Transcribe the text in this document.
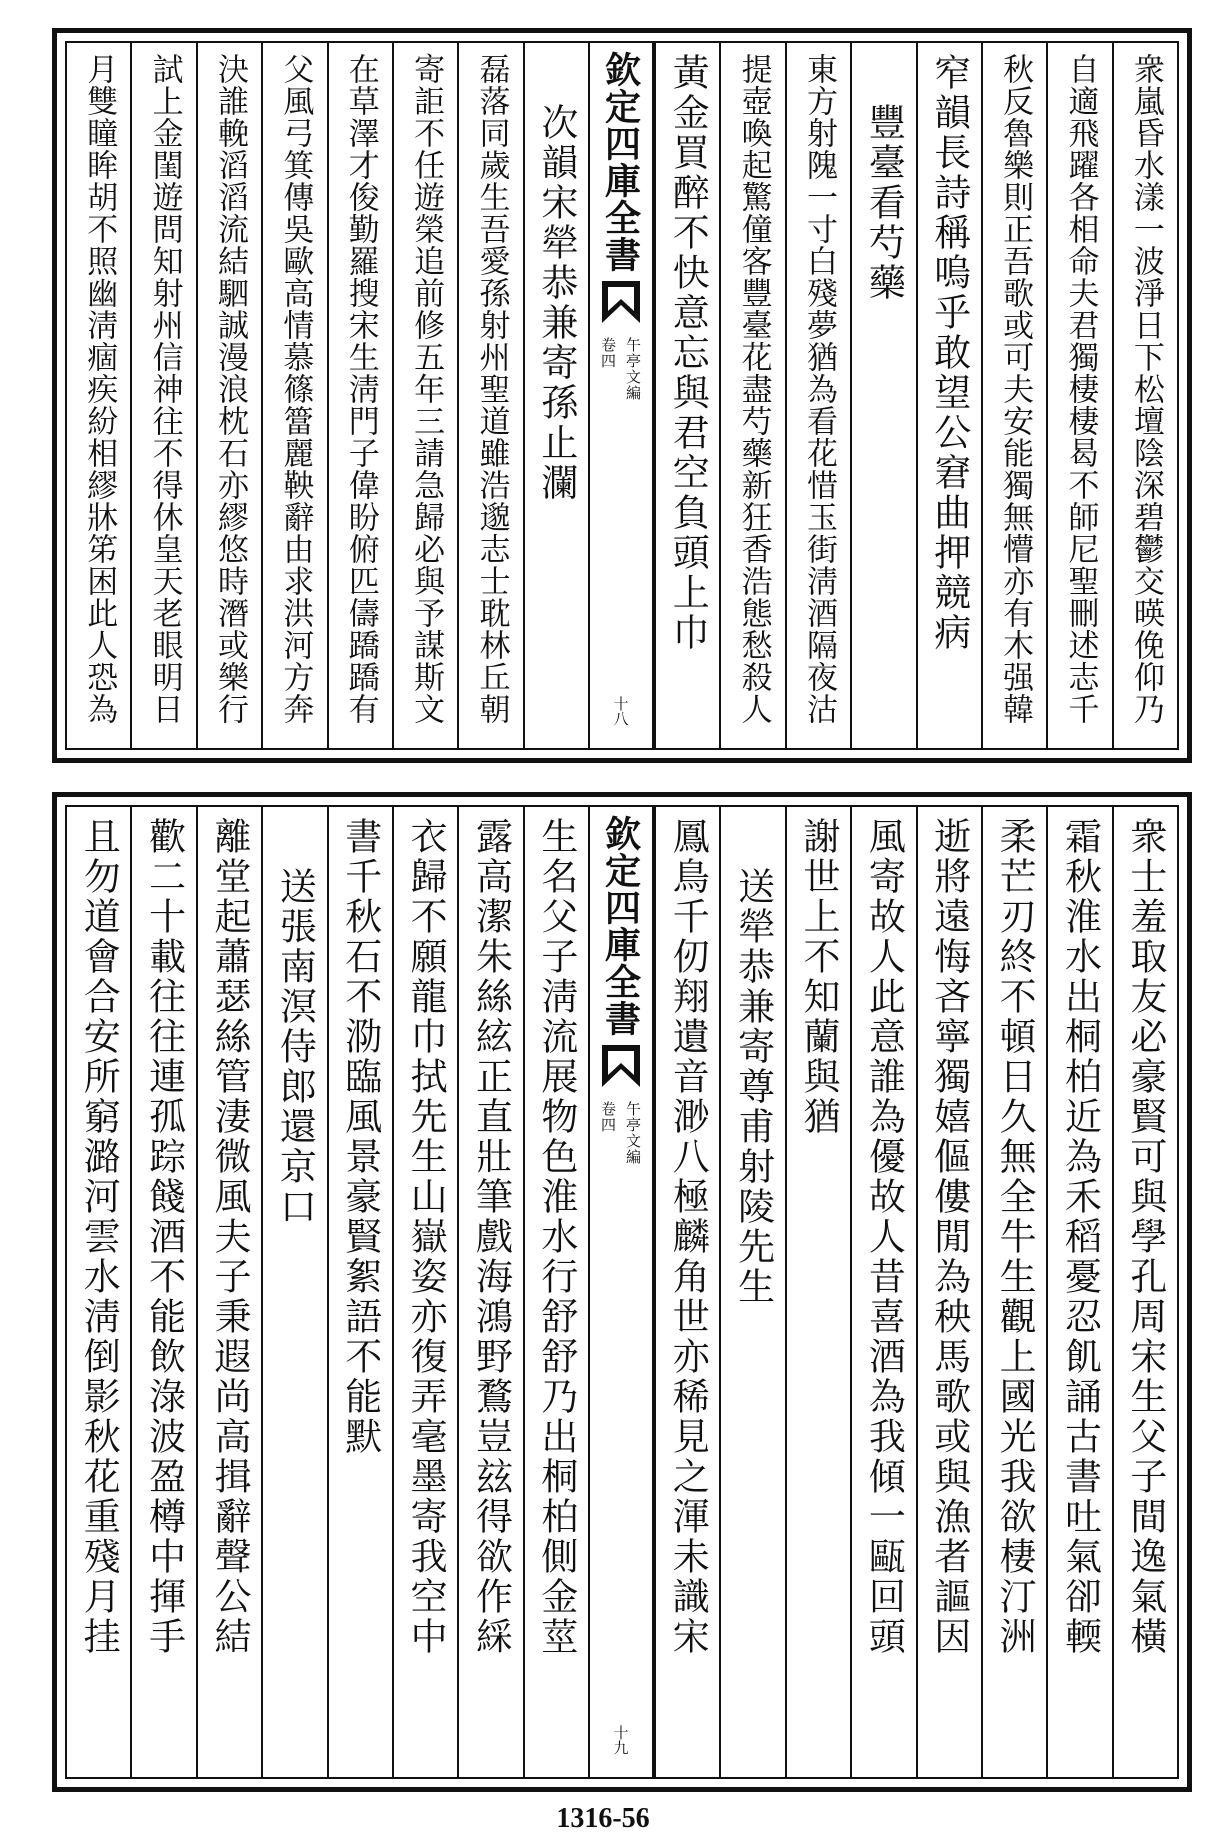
衆嵐昏水漾一波淨日下松壇陰深碧鬱交暎俛仰乃
自適飛躍各相命夫君獨棲棲曷不師尼聖刪述志千
秋反魯樂則正吾歌或可夫安能獨無懵亦有木强韓
窄韻長詩稱嗚乎敢望公窘曲押競病
豐臺看芍藥
東方射隗一寸白殘夢猶為看花惜玉街淸酒隔夜沽
提壺喚起驚僮客豐臺花盡芍藥新狂香浩態愁殺人
黃金買醉不快意忘與君空負頭上巾
欽定四庫全書
午亭文編
卷四
十八
次韻宋犖恭兼寄孫止瀾
磊落同歲生吾愛孫射州聖道雖浩邈志士耽林丘朝
寄詎不任遊榮追前修五年三請急歸必與予謀斯文
在草澤才俊勤羅搜宋生淸門子偉盼俯匹儔蹻蹻有
父風弓箕傳吳歐高情慕篠簹麗鞅辭由求洪河方奔
決誰輓滔滔流結駟誠漫浪枕石亦繆悠時潛或樂行
試上金閨遊問知射州信神往不得休皇天老眼明日
月雙瞳眸胡不照幽淸痼疾紛相繆牀笫困此人恐為
衆士羞取友必豪賢可與學孔周宋生父子間逸氣橫
霜秋淮水出桐柏近為禾稻憂忍飢誦古書吐氣卻輭
柔芒刃終不頓日久無全牛生觀上國光我欲棲汀洲
逝將遠悔吝寧獨嬉傴僂閒為秧馬歌或與漁者謳因
風寄故人此意誰為優故人昔喜酒為我傾一甌回頭
謝世上不知蘭與猶
送犖恭兼寄尊甫射陵先生
鳳鳥千仞翔遺音渺八極麟角世亦稀見之渾未識宋
欽定四庫全書
午亭文編
卷四
十九
生名父子淸流展物色淮水行舒舒乃出桐柏側金莖
露高潔朱絲絃正直壯筆戲海鴻野鶩豈玆得欲作綵
衣歸不願龍巾拭先生山嶽姿亦復弄毫墨寄我空中
書千秋石不泐臨風景豪賢絮語不能默
送張南溟侍郎還京口
離堂起蕭瑟絲管淒微風夫子秉遐尚高揖辭聲公結
歡二十載往往連孤踪餞酒不能飲淥波盈樽中揮手
且勿道會合安所窮潞河雲水淸倒影秋花重殘月挂
1316-56
